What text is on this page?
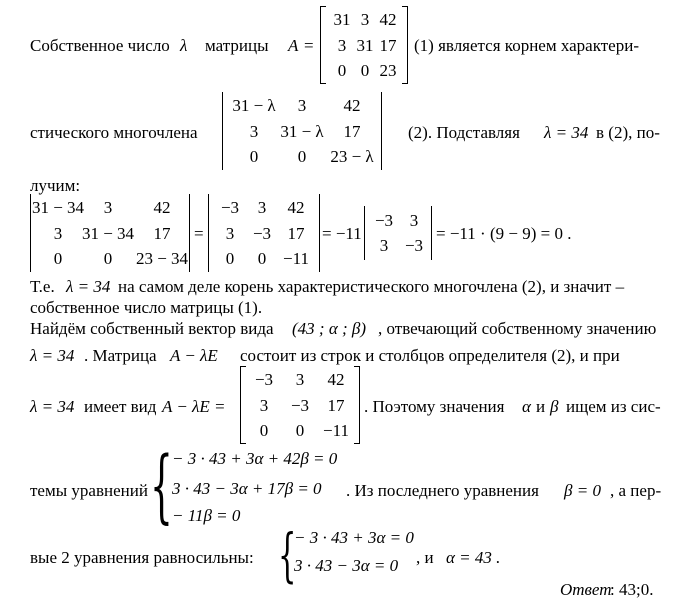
Собственное число λ матрицы A =
31 3 42
3 31 17
0 0 23
(1) является корнем характери-
стического многочлена
31 − λ 3 42
3 31 − λ 17
0 0 23 − λ
(2). Подставляя λ = 34 в (2), по-
лучим:
31 − 34 3 42
3 31 − 34 17
0 0 23 − 34
=
−3 3 42
3 −3 17
0 0 −11
= −11
−3 3
3 −3
= −11 · (9 − 9) = 0 .
Т.е. λ = 34 на самом деле корень характеристического многочлена (2), и значит –
собственное число матрицы (1).
Найдём собственный вектор вида (43 ; α ; β) , отвечающий собственному значению
λ = 34 . Матрица A − λE состоит из строк и столбцов определителя (2), и при
λ = 34 имеет вид A − λE =
−3 3 42
3 −3 17
0 0 −11
. Поэтому значения α и β ищем из сис-
темы уравнений { − 3 · 43 + 3α + 42β = 0
3 · 43 − 3α + 17β = 0
− 11β = 0
. Из последнего уравнения β = 0 , а пер-
вые 2 уравнения равносильны: {
− 3 · 43 + 3α = 0
3 · 43 − 3α = 0 , и α = 43 .
Ответ
: 43;0.
